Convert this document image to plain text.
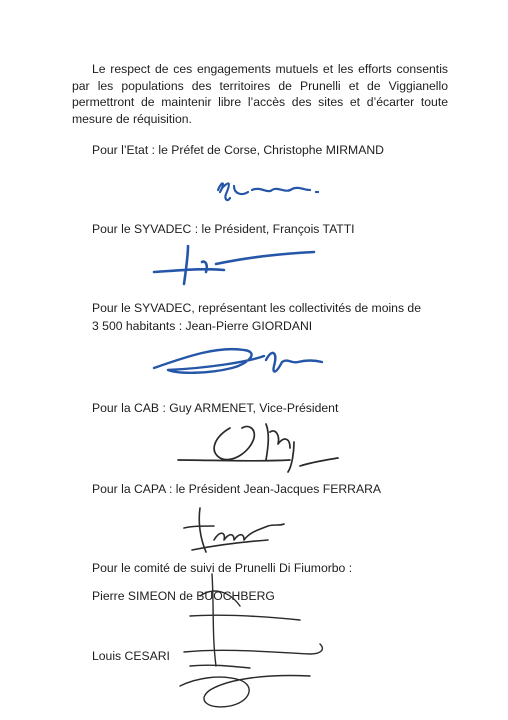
Le respect de ces engagements mutuels et les efforts consentis
par les populations des territoires de Prunelli et de Viggianello
permettront de maintenir libre l’accès des sites et d’écarter toute
mesure de réquisition.
Pour l’Etat : le Préfet de Corse, Christophe MIRMAND
Pour le SYVADEC : le Président, François TATTI
Pour le SYVADEC, représentant les collectivités de moins de
3 500 habitants : Jean-Pierre GIORDANI
Pour la CAB : Guy ARMENET, Vice-Président
Pour la CAPA : le Président Jean-Jacques FERRARA
Pour le comité de suivi de Prunelli Di Fiumorbo :
Pierre SIMEON de BUOCHBERG
Louis CESARI
